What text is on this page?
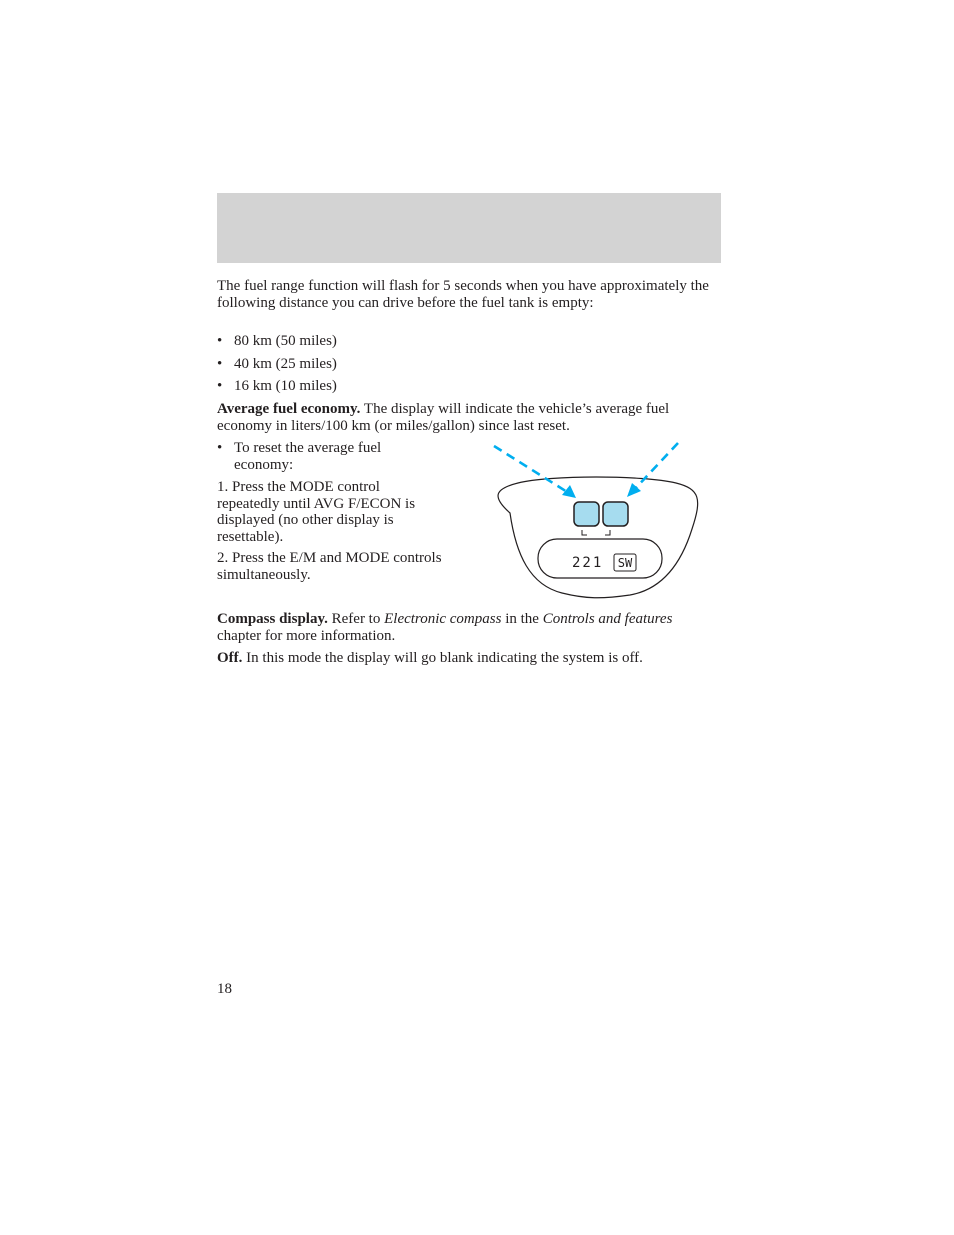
The fuel range function will flash for 5 seconds when you have approximately the following distance you can drive before the fuel tank is empty:

• 80 km (50 miles)
• 40 km (25 miles)
• 16 km (10 miles)

Average fuel economy. The display will indicate the vehicle’s average fuel economy in liters/100 km (or miles/gallon) since last reset.

• To reset the average fuel economy:

1. Press the MODE control repeatedly until AVG F/ECON is displayed (no other display is resettable).

2. Press the E/M and MODE controls simultaneously.

221 SW

Compass display. Refer to Electronic compass in the Controls and features chapter for more information.

Off. In this mode the display will go blank indicating the system is off.

18
